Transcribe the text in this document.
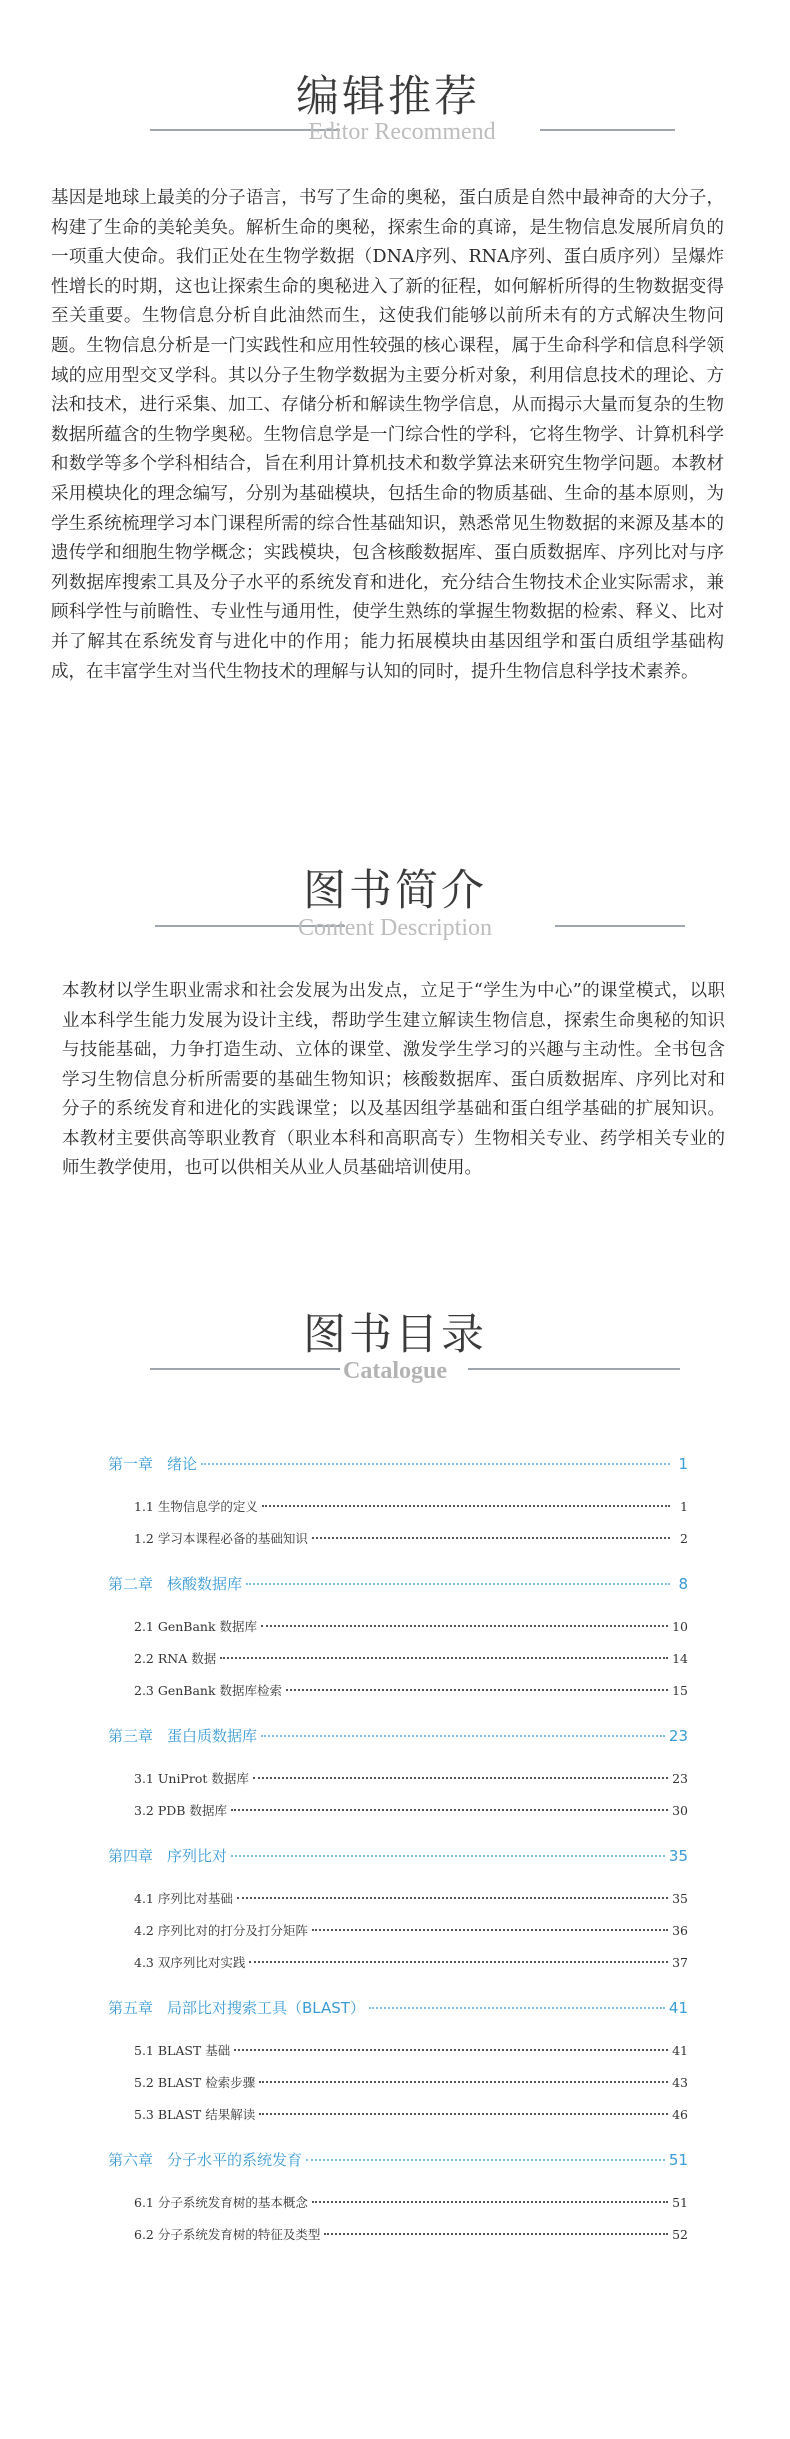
编辑推荐
Editor Recommend

基因是地球上最美的分子语言，书写了生命的奥秘，蛋白质是自然中最神奇的大分子，构建了生命的美轮美奂。解析生命的奥秘，探索生命的真谛，是生物信息发展所肩负的一项重大使命。我们正处在生物学数据（DNA序列、RNA序列、蛋白质序列）呈爆炸性增长的时期，这也让探索生命的奥秘进入了新的征程，如何解析所得的生物数据变得至关重要。生物信息分析自此油然而生，这使我们能够以前所未有的方式解决生物问题。生物信息分析是一门实践性和应用性较强的核心课程，属于生命科学和信息科学领域的应用型交叉学科。其以分子生物学数据为主要分析对象，利用信息技术的理论、方法和技术，进行采集、加工、存储分析和解读生物学信息，从而揭示大量而复杂的生物数据所蕴含的生物学奥秘。生物信息学是一门综合性的学科，它将生物学、计算机科学和数学等多个学科相结合，旨在利用计算机技术和数学算法来研究生物学问题。本教材采用模块化的理念编写，分别为基础模块，包括生命的物质基础、生命的基本原则，为学生系统梳理学习本门课程所需的综合性基础知识，熟悉常见生物数据的来源及基本的遗传学和细胞生物学概念；实践模块，包含核酸数据库、蛋白质数据库、序列比对与序列数据库搜索工具及分子水平的系统发育和进化，充分结合生物技术企业实际需求，兼顾科学性与前瞻性、专业性与通用性，使学生熟练的掌握生物数据的检索、释义、比对并了解其在系统发育与进化中的作用；能力拓展模块由基因组学和蛋白质组学基础构成，在丰富学生对当代生物技术的理解与认知的同时，提升生物信息科学技术素养。

图书简介
Content Description

本教材以学生职业需求和社会发展为出发点，立足于“学生为中心”的课堂模式，以职业本科学生能力发展为设计主线，帮助学生建立解读生物信息，探索生命奥秘的知识与技能基础，力争打造生动、立体的课堂、激发学生学习的兴趣与主动性。全书包含学习生物信息分析所需要的基础生物知识；核酸数据库、蛋白质数据库、序列比对和分子的系统发育和进化的实践课堂；以及基因组学基础和蛋白组学基础的扩展知识。本教材主要供高等职业教育（职业本科和高职高专）生物相关专业、药学相关专业的师生教学使用，也可以供相关从业人员基础培训使用。

图书目录
Catalogue
第一章 绪论	1
1.1 生物信息学的定义	1
1.2 学习本课程必备的基础知识	2
第二章 核酸数据库	8
2.1 GenBank 数据库	10
2.2 RNA 数据	14
2.3 GenBank 数据库检索	15
第三章 蛋白质数据库	23
3.1 UniProt 数据库	23
3.2 PDB 数据库	30
第四章 序列比对	35
4.1 序列比对基础	35
4.2 序列比对的打分及打分矩阵	36
4.3 双序列比对实践	37
第五章 局部比对搜索工具（BLAST）	41
5.1 BLAST 基础	41
5.2 BLAST 检索步骤	43
5.3 BLAST 结果解读	46
第六章 分子水平的系统发育	51
6.1 分子系统发育树的基本概念	51
6.2 分子系统发育树的特征及类型	52
